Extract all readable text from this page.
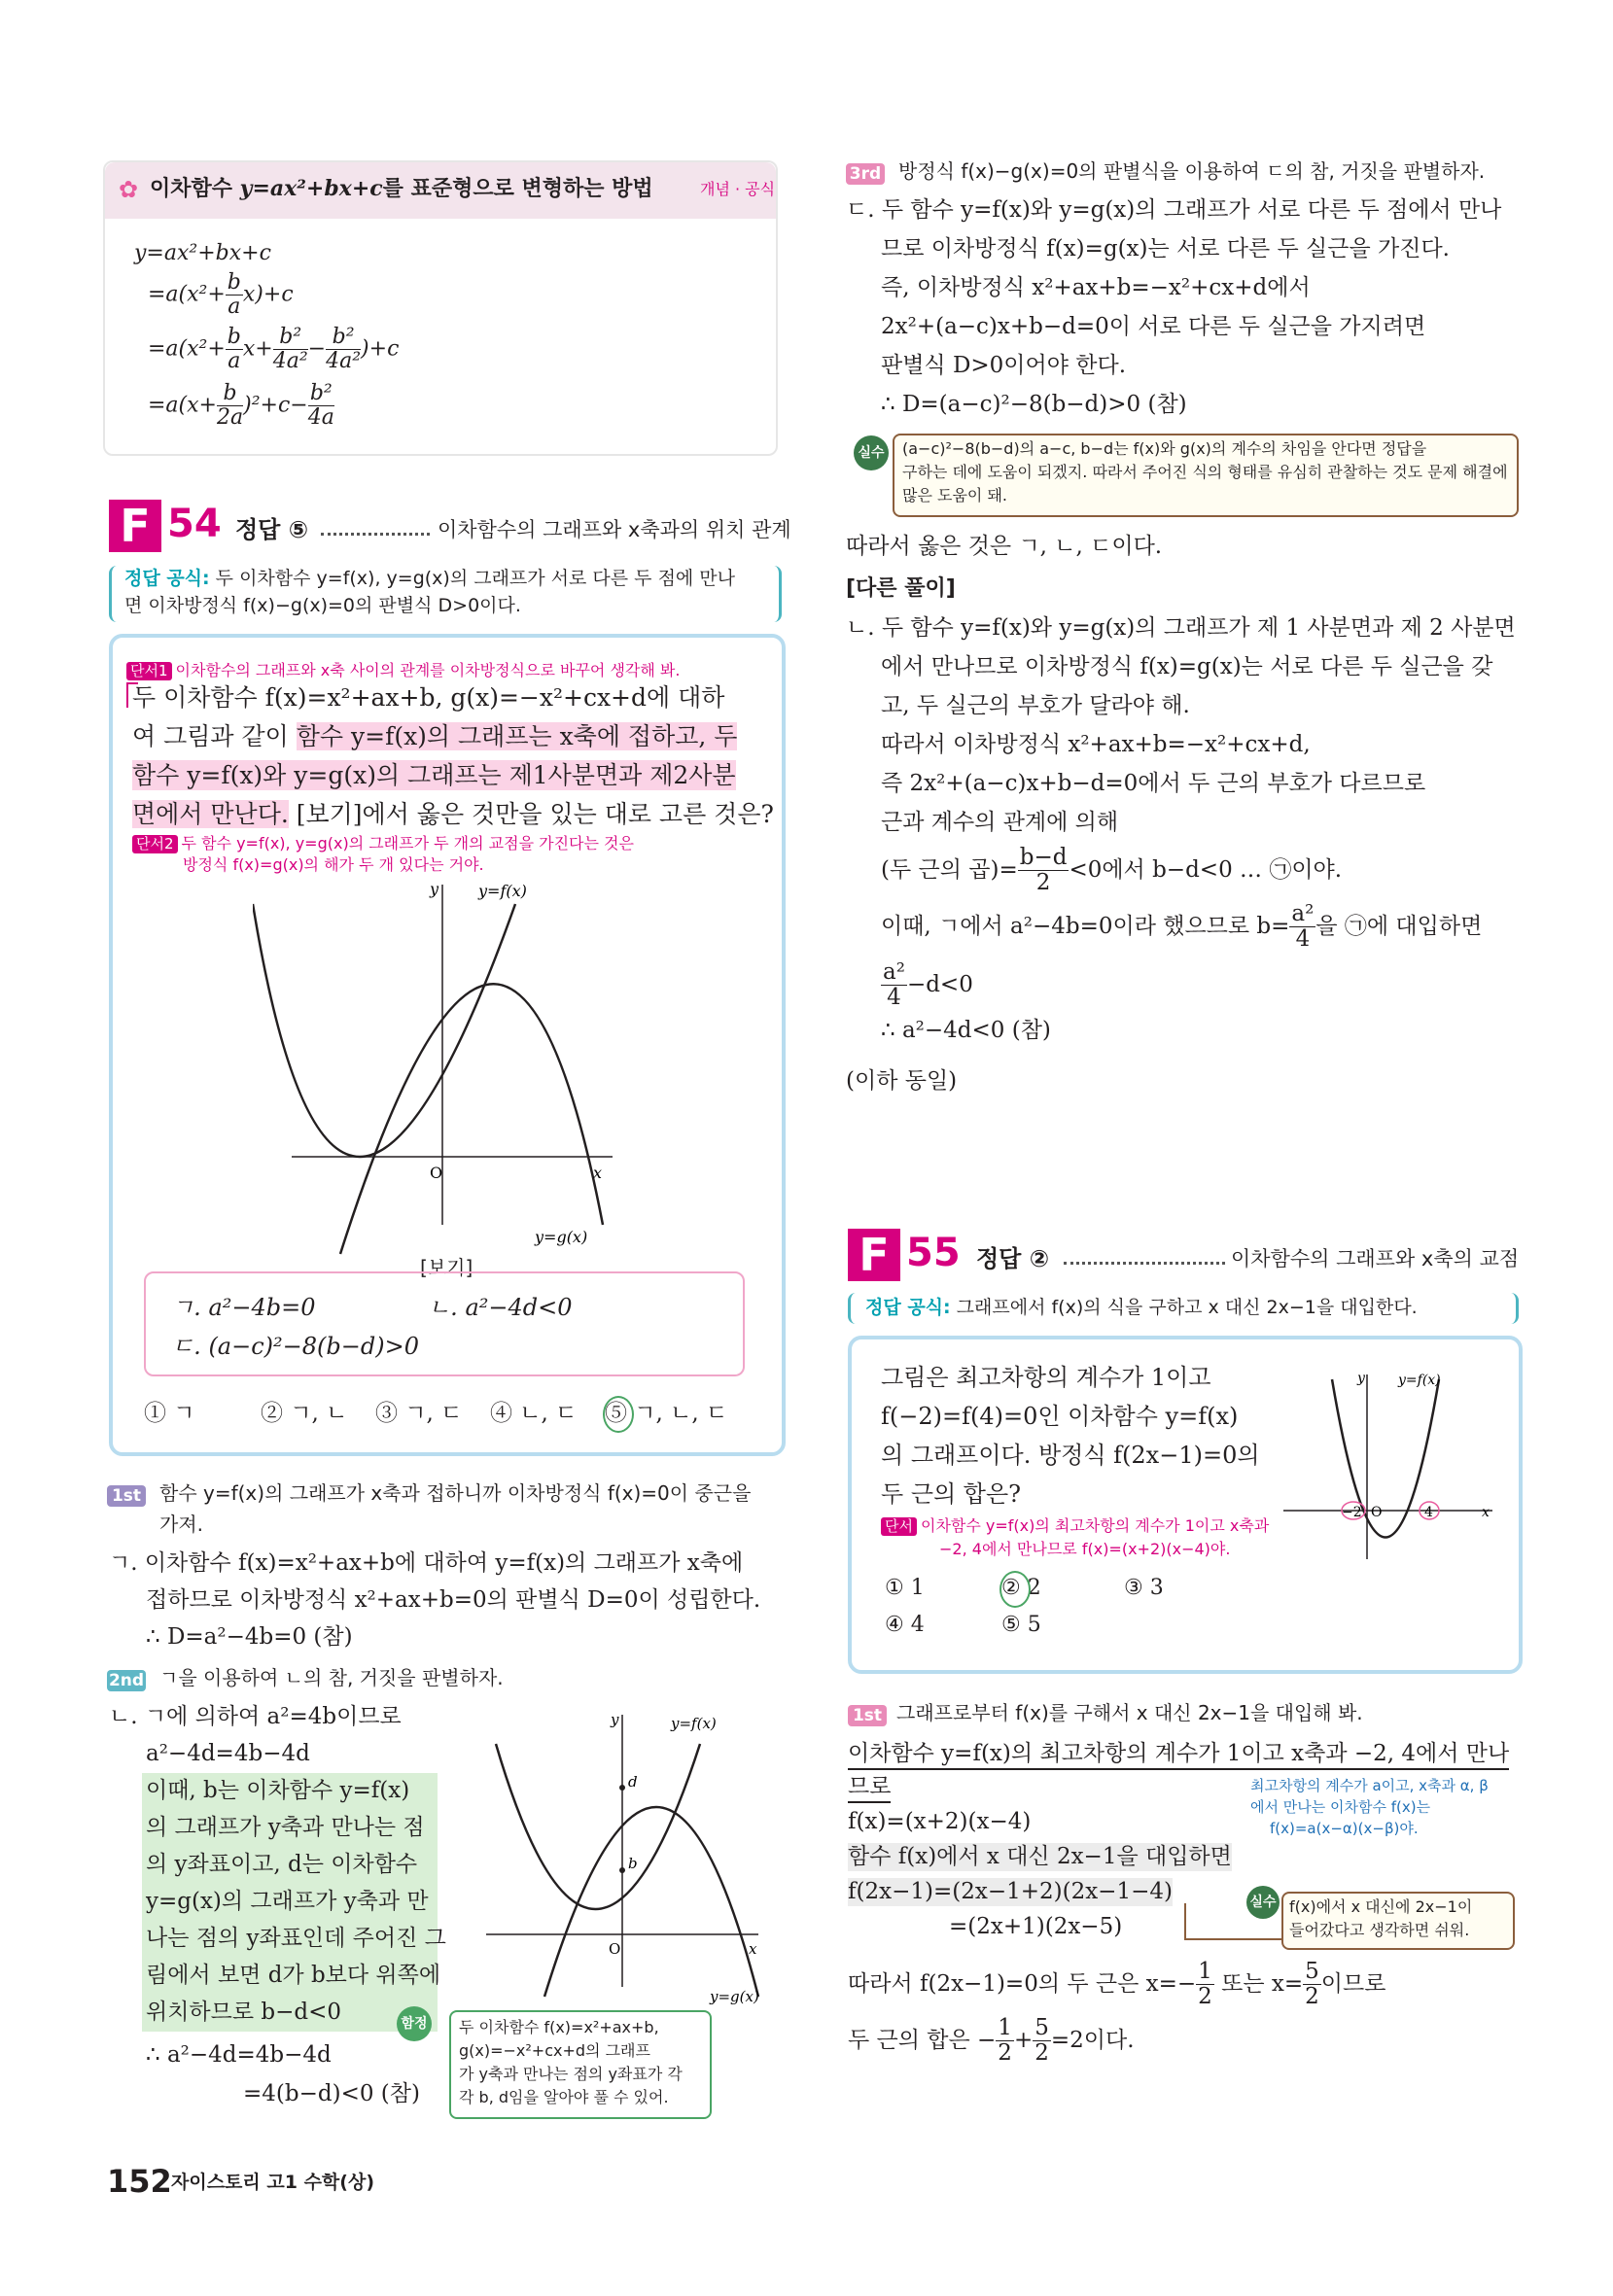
✿ 이차함수 y=ax²+bx+c를 표준형으로 변형하는 방법	개념 · 공식
y=ax²+bx+c
$=a(x^2+ \frac{b}{a} x)+c$
$=a(x^2+ \frac{b}{a} x+ \frac{\text{b²}}{\text{4a²}} - \frac{\text{b²}}{\text{4a²}} )+c$
$=a(x+ \frac{b}{2a} )^2+c- \frac{\text{b²}}{4a}$
F 54 정답 ⑤	이차함수의 그래프와 x축과의 위치 관계
정답 공식: 두 이차함수 y=f(x), y=g(x)의 그래프가 서로 다른 두 점에 만나
면 이차방정식 f(x)−g(x)=0의 판별식 D>0이다.
단서1 이차함수의 그래프와 x축 사이의 관계를 이차방정식으로 바꾸어 생각해 봐.
두 이차함수 f(x)=x²+ax+b, g(x)=−x²+cx+d에 대하
여 그림과 같이 함수 y=f(x)의 그래프는 x축에 접하고, 두
함수 y=f(x)와 y=g(x)의 그래프는 제1사분면과 제2사분
면에서 만난다. [보기]에서 옳은 것만을 있는 대로 고른 것은?
단서2 두 함수 y=f(x), y=g(x)의 그래프가 두 개의 교점을 가진다는 것은
방정식 f(x)=g(x)의 해가 두 개 있다는 거야.
y
x
O
y=f(x)
y=g(x)
[보기]
ㄱ. a²−4b=0	ㄴ. a²−4d<0
ㄷ. (a−c)²−8(b−d)>0
① ㄱ	② ㄱ, ㄴ ③ ㄱ, ㄷ ④ ㄴ, ㄷ ⑤ ㄱ, ㄴ, ㄷ
1st 함수 y=f(x)의 그래프가 x축과 접하니까 이차방정식 f(x)=0이 중근을
가져.
ㄱ. 이차함수 f(x)=x²+ax+b에 대하여 y=f(x)의 그래프가 x축에
접하므로 이차방정식 x²+ax+b=0의 판별식 D=0이 성립한다.
∴ D=a²−4b=0 (참)
2nd ㄱ을 이용하여 ㄴ의 참, 거짓을 판별하자.
ㄴ. ㄱ에 의하여 a²=4b이므로
a²−4d=4b−4d
이때, b는 이차함수 y=f(x)
의 그래프가 y축과 만나는 점
의 y좌표이고, d는 이차함수
y=g(x)의 그래프가 y축과 만
나는 점의 y좌표인데 주어진 그
림에서 보면 d가 b보다 위쪽에
위치하므로 b−d<0
∴ a²−4d=4b−4d
=4(b−d)<0 (참)
y
x
O
y=f(x)
y=g(x)
d
b
함정 두 이차함수 f(x)=x²+ax+b,
g(x)=−x²+cx+d의 그래프
가 y축과 만나는 점의 y좌표가 각
각 b, d임을 알아야 풀 수 있어.
3rd 방정식 f(x)−g(x)=0의 판별식을 이용하여 ㄷ의 참, 거짓을 판별하자.
ㄷ. 두 함수 y=f(x)와 y=g(x)의 그래프가 서로 다른 두 점에서 만나
므로 이차방정식 f(x)=g(x)는 서로 다른 두 실근을 가진다.
즉, 이차방정식 x²+ax+b=−x²+cx+d에서
2x²+(a−c)x+b−d=0이 서로 다른 두 실근을 가지려면
판별식 D>0이어야 한다.
∴ D=(a−c)²−8(b−d)>0 (참)
실수 (a−c)²−8(b−d)의 a−c, b−d는 f(x)와 g(x)의 계수의 차임을 안다면 정답을
구하는 데에 도움이 되겠지. 따라서 주어진 식의 형태를 유심히 관찰하는 것도 문제 해결에
많은 도움이 돼.
따라서 옳은 것은 ㄱ, ㄴ, ㄷ이다.
[다른 풀이]
ㄴ. 두 함수 y=f(x)와 y=g(x)의 그래프가 제 1 사분면과 제 2 사분면
에서 만나므로 이차방정식 f(x)=g(x)는 서로 다른 두 실근을 갖
고, 두 실근의 부호가 달라야 해.
따라서 이차방정식 x²+ax+b=−x²+cx+d,
즉 2x²+(a−c)x+b−d=0에서 두 근의 부호가 다르므로
근과 계수의 관계에 의해
(두 근의 곱)= $\frac{b-d}{2} <0$에서 b−d<0 … ㉠이야.
이때, ㄱ에서 a²−4b=0이라 했으므로 $b= \frac{\text{a²}}{4}$ 을 ㉠에 대입하면
$\frac{\text{a²}}{4} -d<0$
∴ a²−4d<0 (참)
(이하 동일)
F 55 정답 ②	이차함수의 그래프와 x축의 교점
정답 공식: 그래프에서 f(x)의 식을 구하고 x 대신 2x−1을 대입한다.
그림은 최고차항의 계수가 1이고
f(−2)=f(4)=0인 이차함수 y=f(x)
의 그래프이다. 방정식 f(2x−1)=0의
두 근의 합은?
단서 이차함수 y=f(x)의 최고차항의 계수가 1이고 x축과
−2, 4에서 만나므로 f(x)=(x+2)(x−4)야.
① 1	② 2	③ 3
④ 4	⑤ 5
y
x
O
y=f(x)
−2	4
1st 그래프로부터 f(x)를 구해서 x 대신 2x−1을 대입해 봐.
이차함수 y=f(x)의 최고차항의 계수가 1이고 x축과 −2, 4에서 만나
므로	최고차항의 계수가 a이고, x축과 α, β
에서 만나는 이차함수 f(x)는
f(x)=a(x−α)(x−β)야.
f(x)=(x+2)(x−4)
함수 f(x)에서 x 대신 2x−1을 대입하면
f(2x−1)=(2x−1+2)(2x−1−4)
=(2x+1)(2x−5)
실수 f(x)에서 x 대신에 2x−1이
들어갔다고 생각하면 쉬워.
따라서 f(2x−1)=0의 두 근은 $x=- \frac{1}{2}$ 또는 $x= \frac{5}{2}$ 이므로
두 근의 합은 − $\frac{1}{2} + \frac{5}{2} =2$이다.
152 자이스토리 고1 수학(상)
